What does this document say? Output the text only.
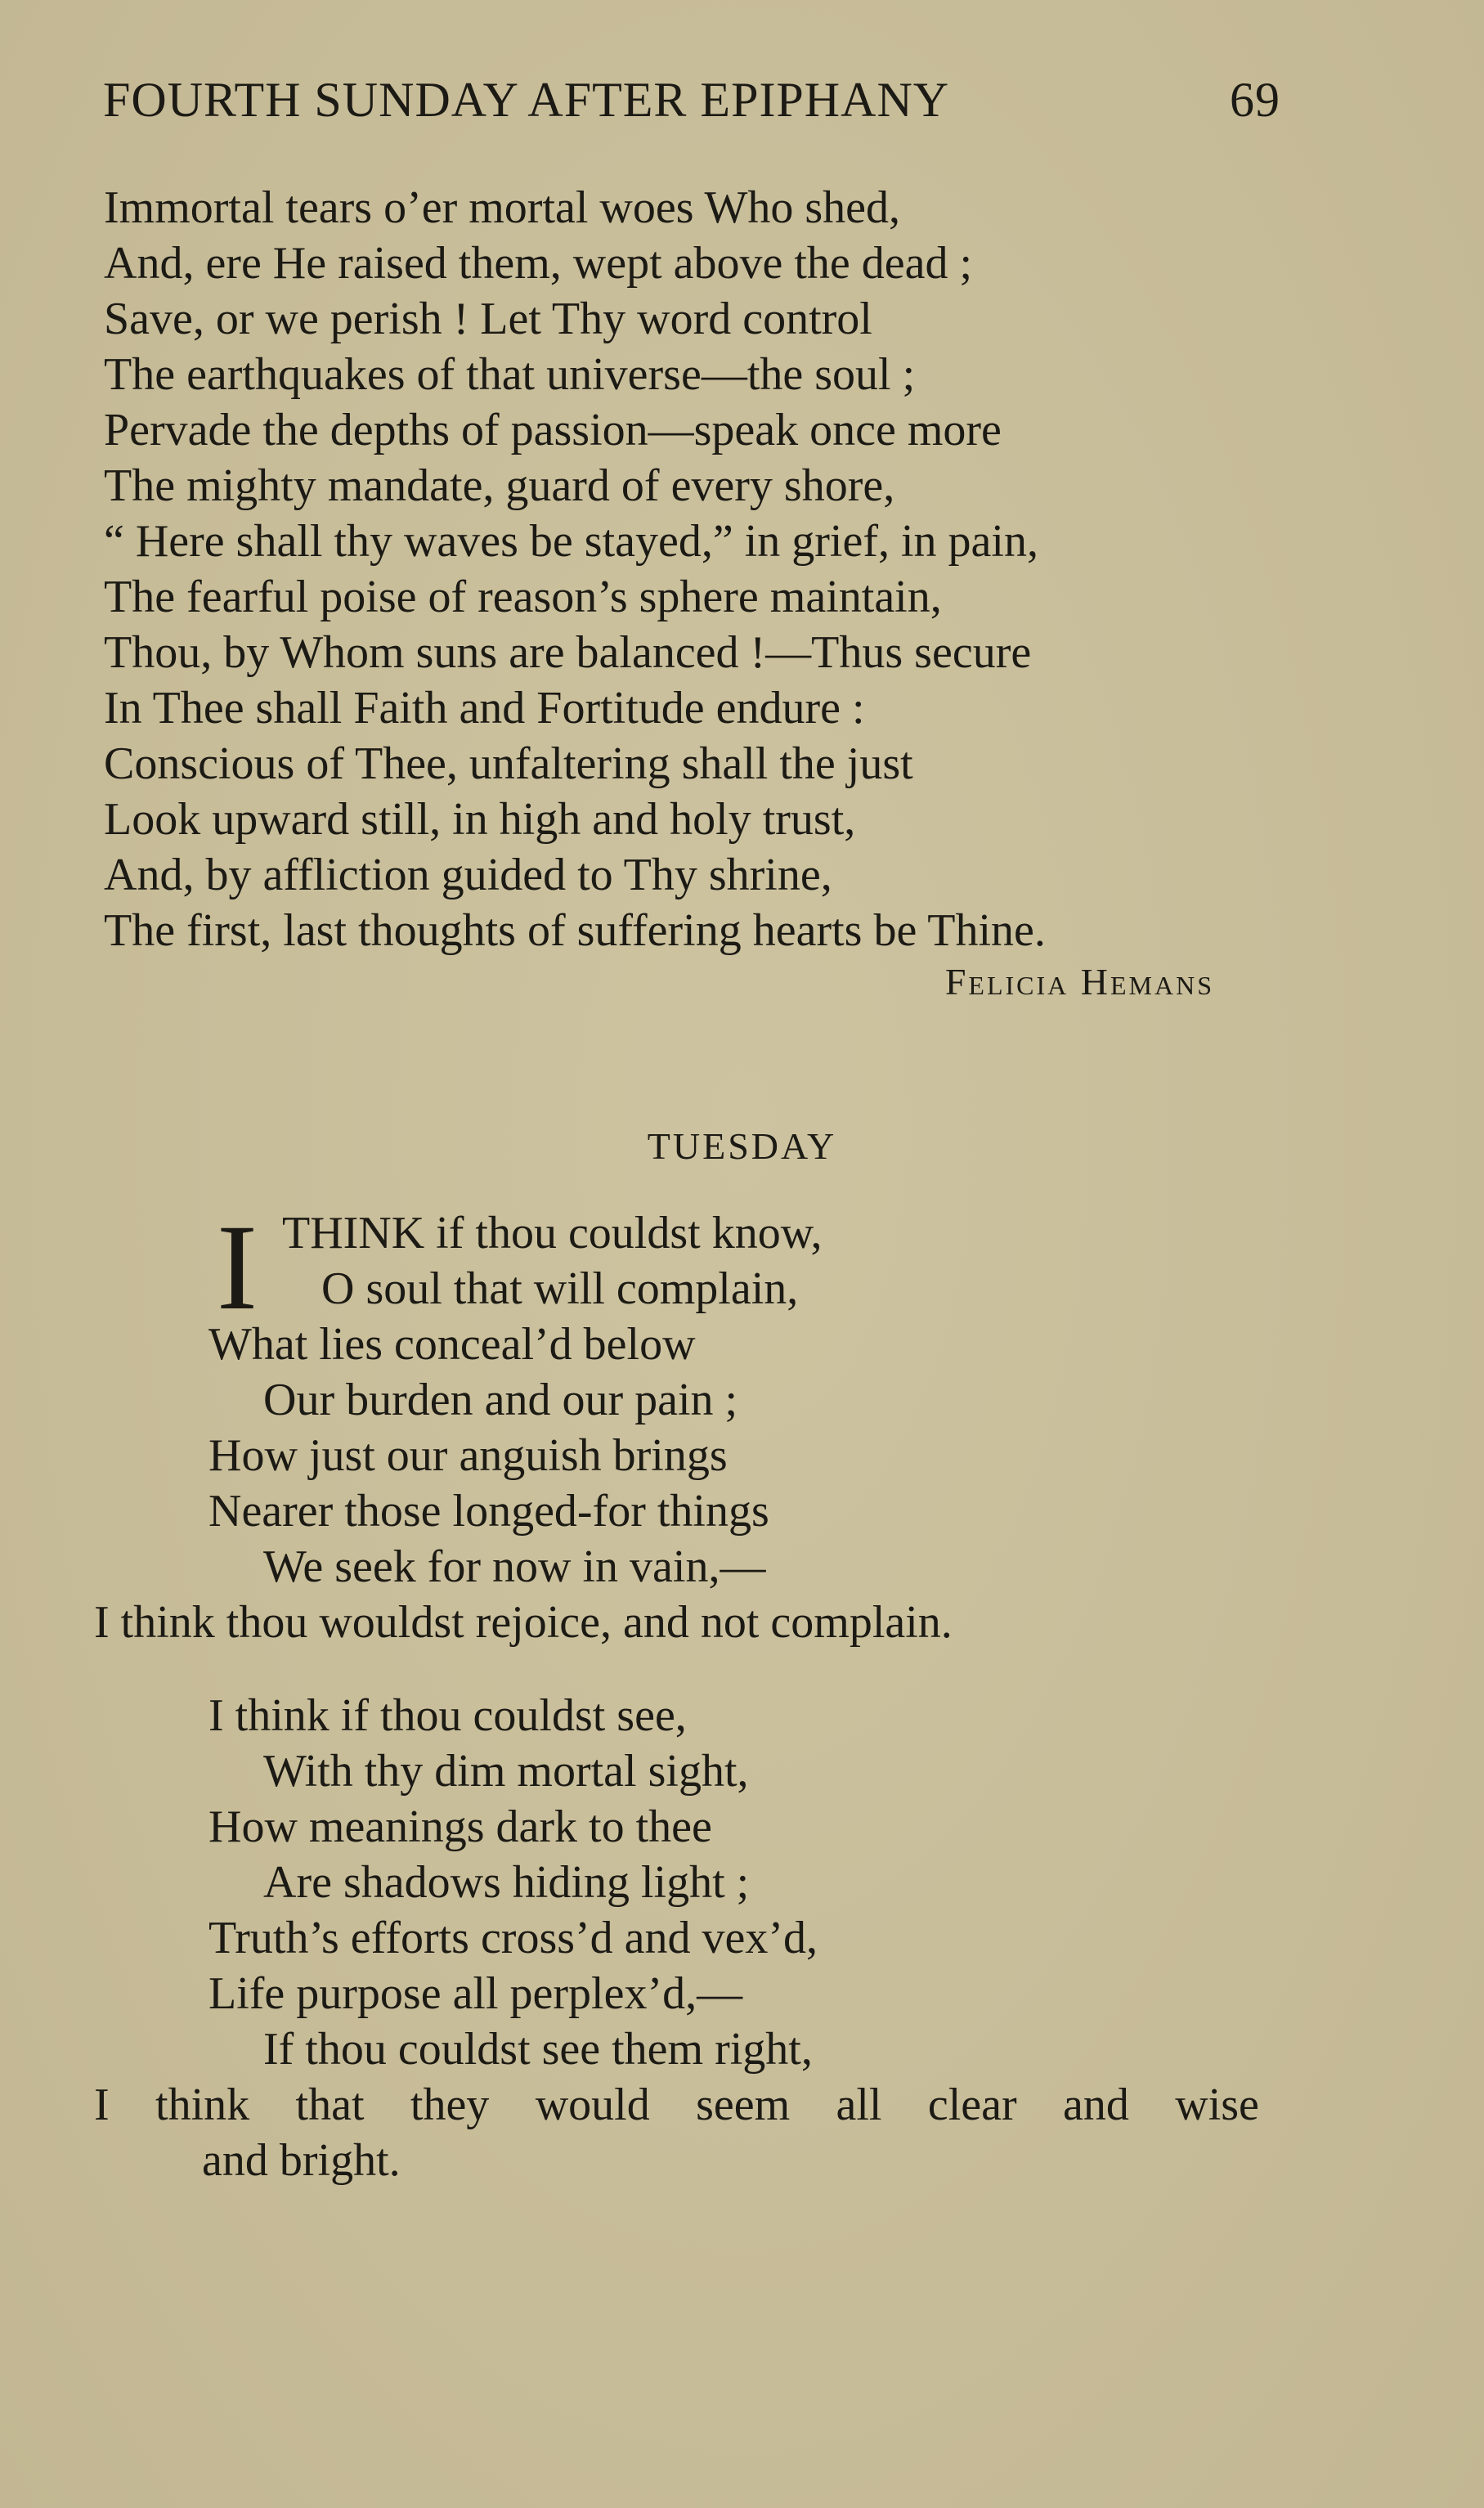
FOURTH SUNDAY AFTER EPIPHANY	69
Immortal tears o’er mortal woes Who shed,
And, ere He raised them, wept above the dead ;
Save, or we perish ! Let Thy word control
The earthquakes of that universe—the soul ;
Pervade the depths of passion—speak once more
The mighty mandate, guard of every shore,
“ Here shall thy waves be stayed,” in grief, in pain,
The fearful poise of reason’s sphere maintain,
Thou, by Whom suns are balanced !—Thus secure
In Thee shall Faith and Fortitude endure :
Conscious of Thee, unfaltering shall the just
Look upward still, in high and holy trust,
And, by affliction guided to Thy shrine,
The first, last thoughts of suffering hearts be Thine.
Felicia Hemans
TUESDAY
I THINK if thou couldst know,
O soul that will complain,
What lies conceal’d below
Our burden and our pain ;
How just our anguish brings
Nearer those longed-for things
We seek for now in vain,—
I think thou wouldst rejoice, and not complain.
I think if thou couldst see,
With thy dim mortal sight,
How meanings dark to thee
Are shadows hiding light ;
Truth’s efforts cross’d and vex’d,
Life purpose all perplex’d,—
If thou couldst see them right,
I think that they would seem all clear and wise
and bright.
